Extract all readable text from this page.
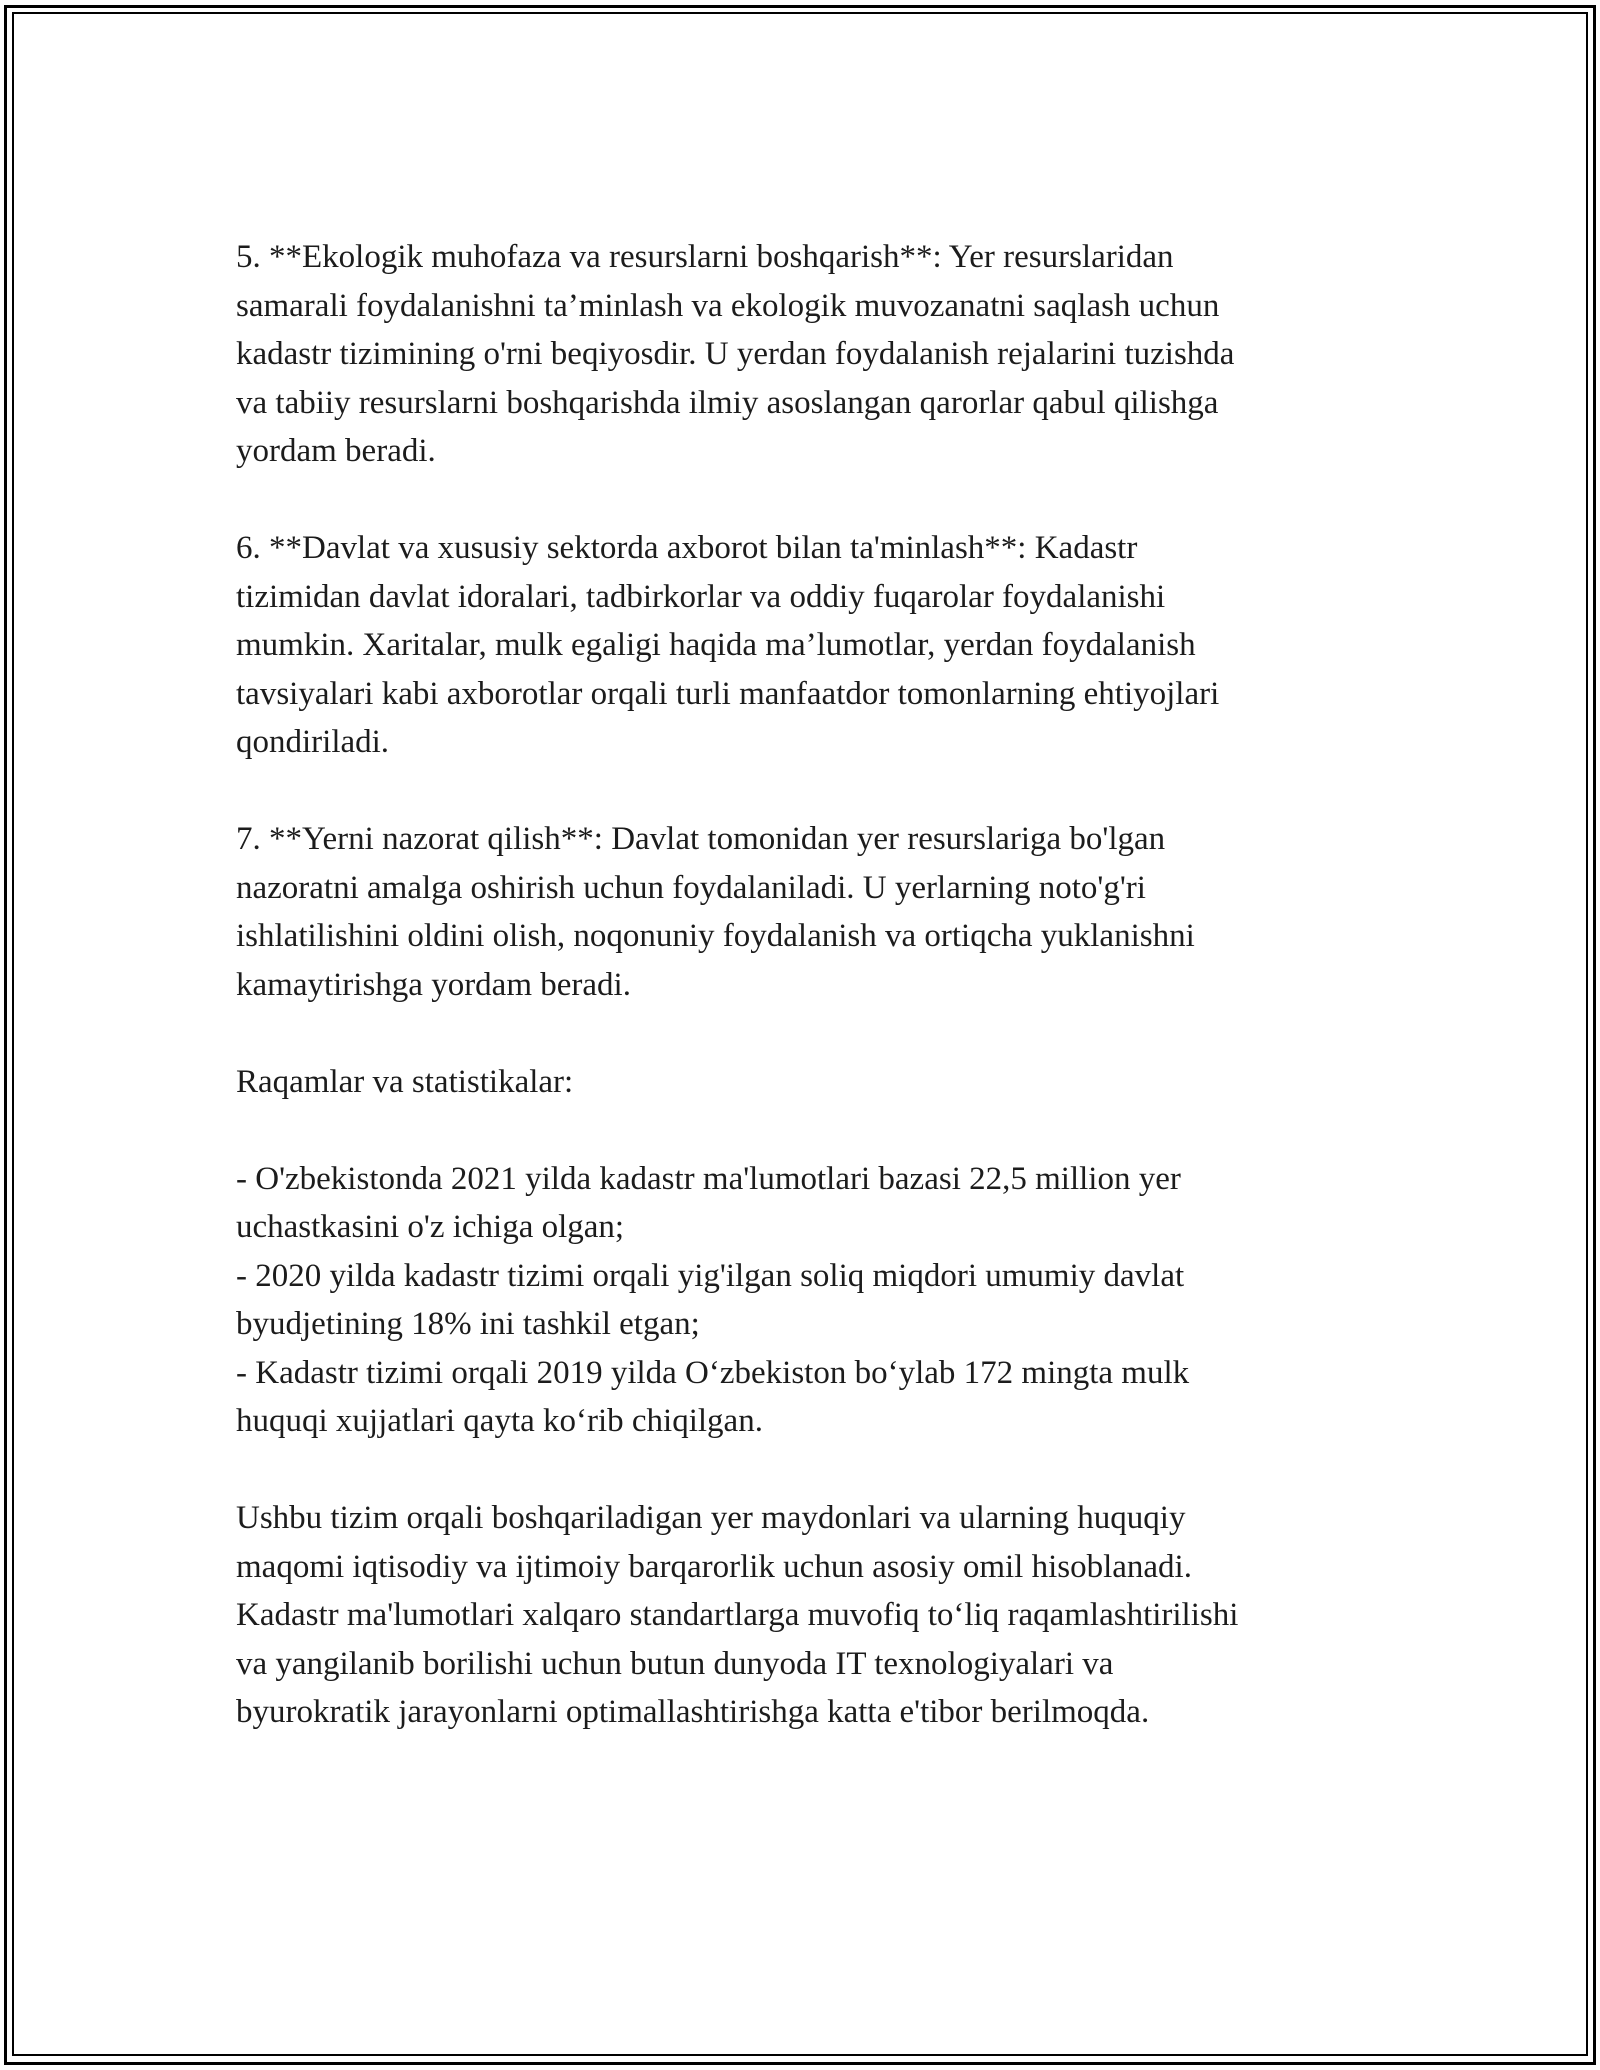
5. **Ekologik muhofaza va resurslarni boshqarish**: Yer resurslaridan
samarali foydalanishni ta’minlash va ekologik muvozanatni saqlash uchun
kadastr tizimining o'rni beqiyosdir. U yerdan foydalanish rejalarini tuzishda
va tabiiy resurslarni boshqarishda ilmiy asoslangan qarorlar qabul qilishga
yordam beradi.

6. **Davlat va xususiy sektorda axborot bilan ta'minlash**: Kadastr
tizimidan davlat idoralari, tadbirkorlar va oddiy fuqarolar foydalanishi
mumkin. Xaritalar, mulk egaligi haqida ma’lumotlar, yerdan foydalanish
tavsiyalari kabi axborotlar orqali turli manfaatdor tomonlarning ehtiyojlari
qondiriladi.

7. **Yerni nazorat qilish**: Davlat tomonidan yer resurslariga bo'lgan
nazoratni amalga oshirish uchun foydalaniladi. U yerlarning noto'g'ri
ishlatilishini oldini olish, noqonuniy foydalanish va ortiqcha yuklanishni
kamaytirishga yordam beradi.

Raqamlar va statistikalar:

- O'zbekistonda 2021 yilda kadastr ma'lumotlari bazasi 22,5 million yer
uchastkasini o'z ichiga olgan;
- 2020 yilda kadastr tizimi orqali yig'ilgan soliq miqdori umumiy davlat
byudjetining 18% ini tashkil etgan;
- Kadastr tizimi orqali 2019 yilda O‘zbekiston bo‘ylab 172 mingta mulk
huquqi xujjatlari qayta ko‘rib chiqilgan.

Ushbu tizim orqali boshqariladigan yer maydonlari va ularning huquqiy
maqomi iqtisodiy va ijtimoiy barqarorlik uchun asosiy omil hisoblanadi.
Kadastr ma'lumotlari xalqaro standartlarga muvofiq to‘liq raqamlashtirilishi
va yangilanib borilishi uchun butun dunyoda IT texnologiyalari va
byurokratik jarayonlarni optimallashtirishga katta e'tibor berilmoqda.
